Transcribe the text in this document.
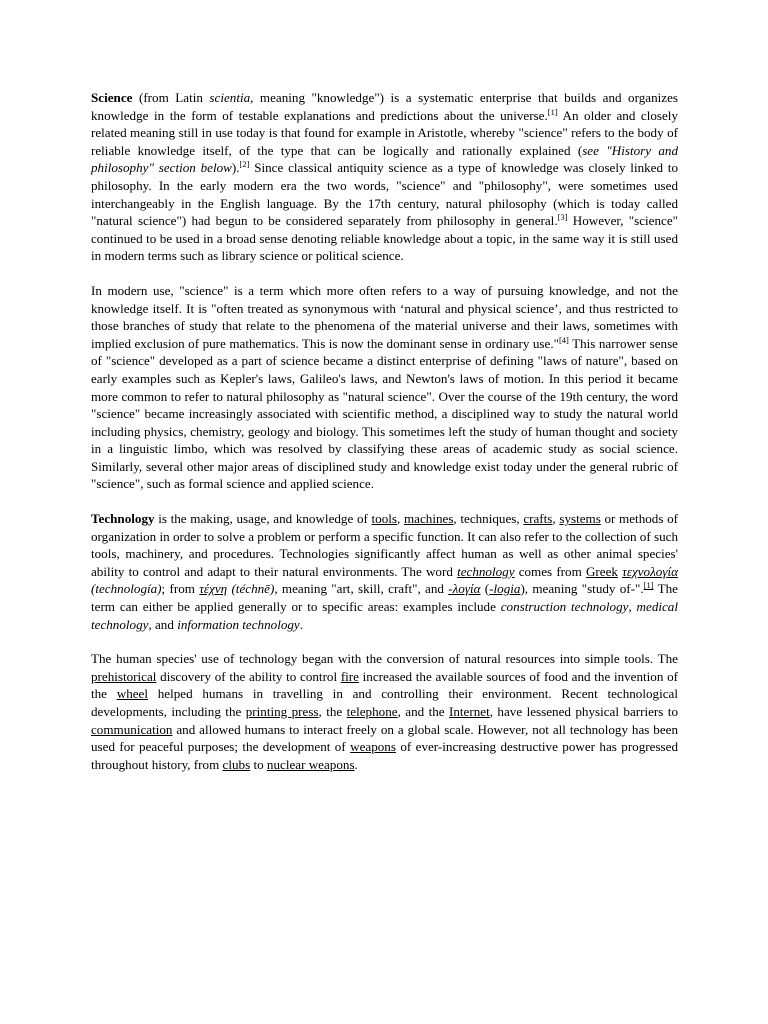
Science (from Latin scientia, meaning "knowledge") is a systematic enterprise that builds and organizes knowledge in the form of testable explanations and predictions about the universe.[1] An older and closely related meaning still in use today is that found for example in Aristotle, whereby "science" refers to the body of reliable knowledge itself, of the type that can be logically and rationally explained (see "History and philosophy" section below).[2] Since classical antiquity science as a type of knowledge was closely linked to philosophy. In the early modern era the two words, "science" and "philosophy", were sometimes used interchangeably in the English language. By the 17th century, natural philosophy (which is today called "natural science") had begun to be considered separately from philosophy in general.[3] However, "science" continued to be used in a broad sense denoting reliable knowledge about a topic, in the same way it is still used in modern terms such as library science or political science.

In modern use, "science" is a term which more often refers to a way of pursuing knowledge, and not the knowledge itself. It is "often treated as synonymous with ‘natural and physical science’, and thus restricted to those branches of study that relate to the phenomena of the material universe and their laws, sometimes with implied exclusion of pure mathematics. This is now the dominant sense in ordinary use."[4] This narrower sense of "science" developed as a part of science became a distinct enterprise of defining "laws of nature", based on early examples such as Kepler's laws, Galileo's laws, and Newton's laws of motion. In this period it became more common to refer to natural philosophy as "natural science". Over the course of the 19th century, the word "science" became increasingly associated with scientific method, a disciplined way to study the natural world including physics, chemistry, geology and biology. This sometimes left the study of human thought and society in a linguistic limbo, which was resolved by classifying these areas of academic study as social science. Similarly, several other major areas of disciplined study and knowledge exist today under the general rubric of "science", such as formal science and applied science.

Technology is the making, usage, and knowledge of tools, machines, techniques, crafts, systems or methods of organization in order to solve a problem or perform a specific function. It can also refer to the collection of such tools, machinery, and procedures. Technologies significantly affect human as well as other animal species' ability to control and adapt to their natural environments. The word technology comes from Greek τεχνολογία (technología); from τέχνη (téchnē), meaning "art, skill, craft", and -λογία (-logia), meaning "study of-".[1] The term can either be applied generally or to specific areas: examples include construction technology, medical technology, and information technology.

The human species' use of technology began with the conversion of natural resources into simple tools. The prehistorical discovery of the ability to control fire increased the available sources of food and the invention of the wheel helped humans in travelling in and controlling their environment. Recent technological developments, including the printing press, the telephone, and the Internet, have lessened physical barriers to communication and allowed humans to interact freely on a global scale. However, not all technology has been used for peaceful purposes; the development of weapons of ever-increasing destructive power has progressed throughout history, from clubs to nuclear weapons.
